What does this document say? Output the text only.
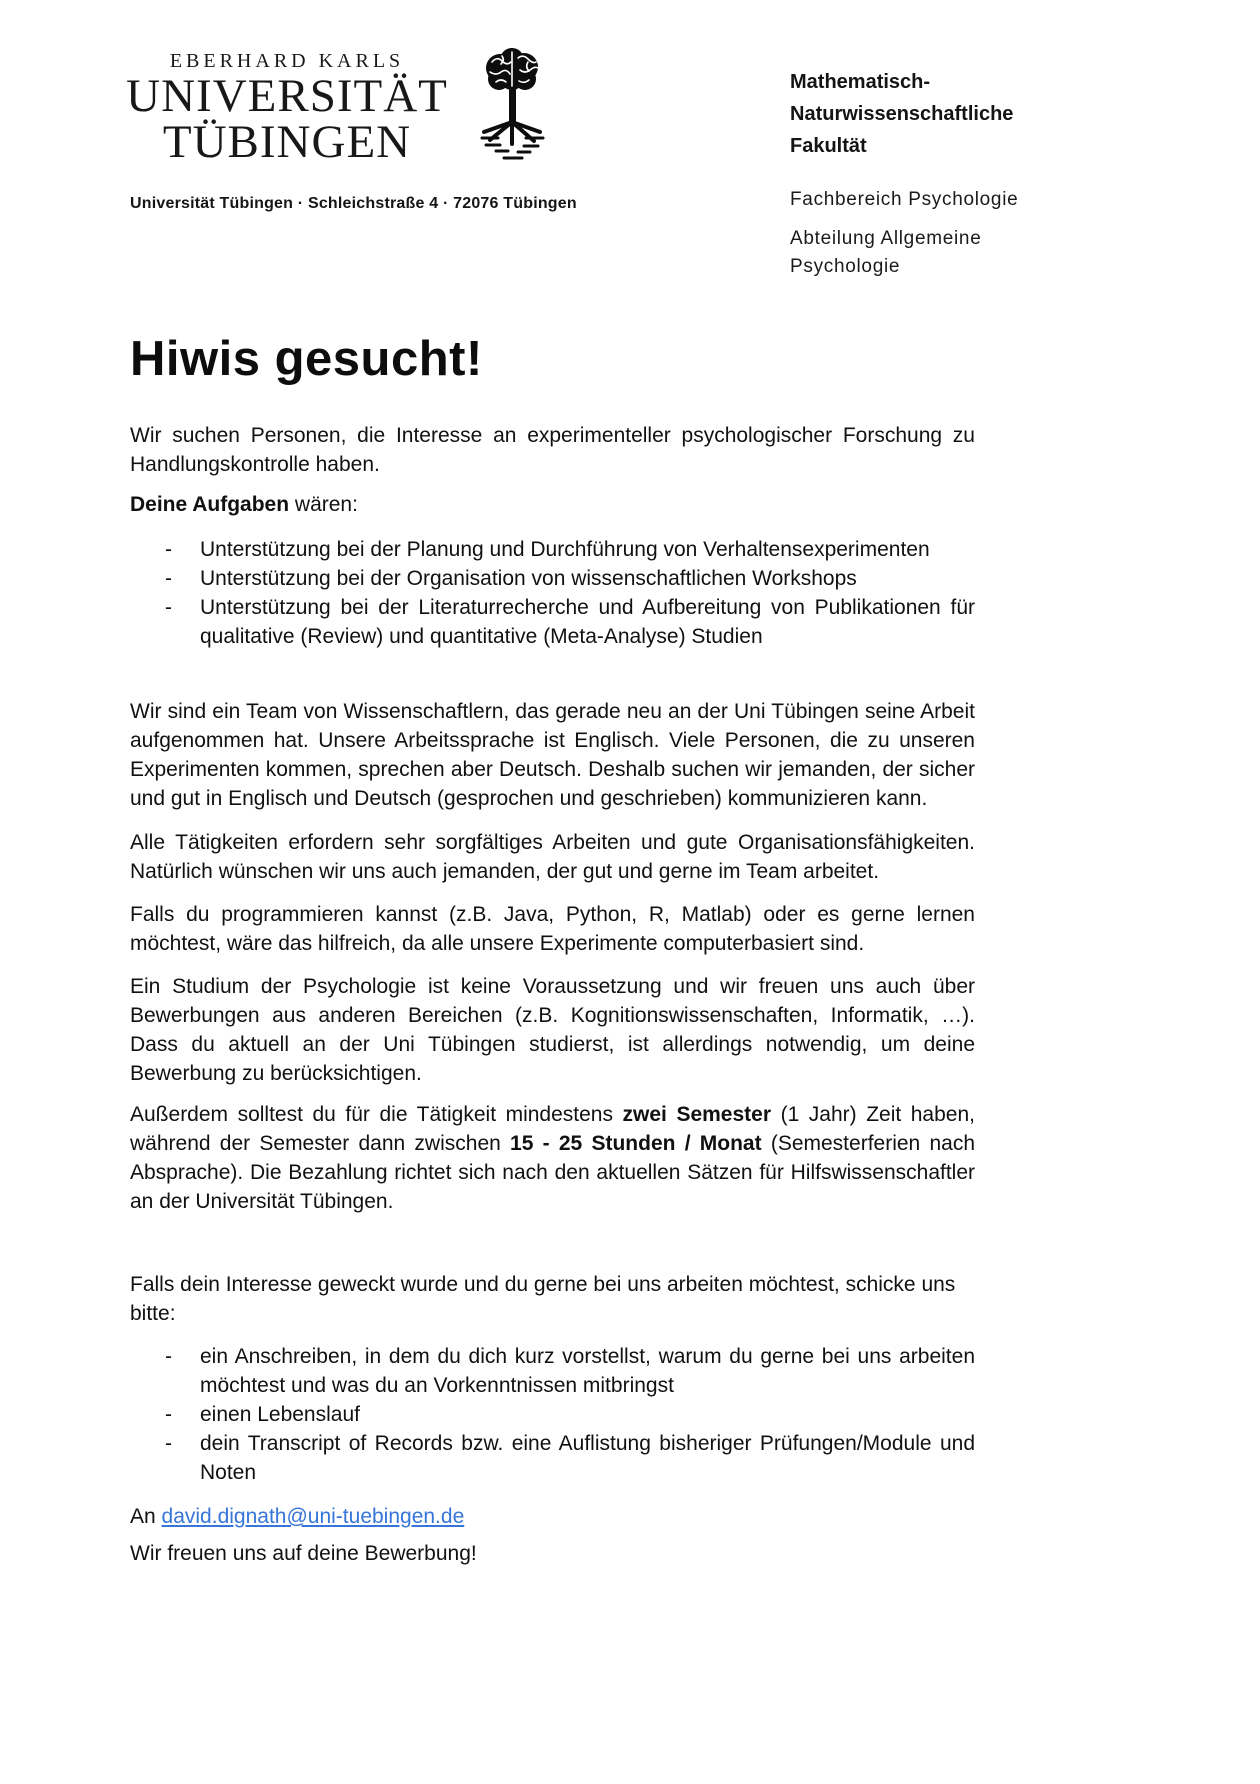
EBERHARD KARLS
UNIVERSITÄT
TÜBINGEN
Universität Tübingen · Schleichstraße 4 · 72076 Tübingen
Mathematisch-
Naturwissenschaftliche
Fakultät
Fachbereich Psychologie
Abteilung Allgemeine
Psychologie
Hiwis gesucht!

Wir suchen Personen, die Interesse an experimenteller psychologischer Forschung zu Handlungskontrolle haben.

Deine Aufgaben wären:

-	Unterstützung bei der Planung und Durchführung von Verhaltensexperimenten
-	Unterstützung bei der Organisation von wissenschaftlichen Workshops
-	Unterstützung bei der Literaturrecherche und Aufbereitung von Publikationen für qualitative (Review) und quantitative (Meta-Analyse) Studien

Wir sind ein Team von Wissenschaftlern, das gerade neu an der Uni Tübingen seine Arbeit aufgenommen hat. Unsere Arbeitssprache ist Englisch. Viele Personen, die zu unseren Experimenten kommen, sprechen aber Deutsch. Deshalb suchen wir jemanden, der sicher und gut in Englisch und Deutsch (gesprochen und geschrieben) kommunizieren kann.

Alle Tätigkeiten erfordern sehr sorgfältiges Arbeiten und gute Organisationsfähigkeiten. Natürlich wünschen wir uns auch jemanden, der gut und gerne im Team arbeitet.

Falls du programmieren kannst (z.B. Java, Python, R, Matlab) oder es gerne lernen möchtest, wäre das hilfreich, da alle unsere Experimente computerbasiert sind.

Ein Studium der Psychologie ist keine Voraussetzung und wir freuen uns auch über Bewerbungen aus anderen Bereichen (z.B. Kognitionswissenschaften, Informatik, …). Dass du aktuell an der Uni Tübingen studierst, ist allerdings notwendig, um deine Bewerbung zu berücksichtigen.

Außerdem solltest du für die Tätigkeit mindestens zwei Semester (1 Jahr) Zeit haben, während der Semester dann zwischen 15 - 25 Stunden / Monat (Semesterferien nach Absprache). Die Bezahlung richtet sich nach den aktuellen Sätzen für Hilfswissenschaftler an der Universität Tübingen.

Falls dein Interesse geweckt wurde und du gerne bei uns arbeiten möchtest, schicke uns bitte:

-	ein Anschreiben, in dem du dich kurz vorstellst, warum du gerne bei uns arbeiten möchtest und was du an Vorkenntnissen mitbringst
-	einen Lebenslauf
-	dein Transcript of Records bzw. eine Auflistung bisheriger Prüfungen/Module und Noten

An david.dignath@uni-tuebingen.de

Wir freuen uns auf deine Bewerbung!
